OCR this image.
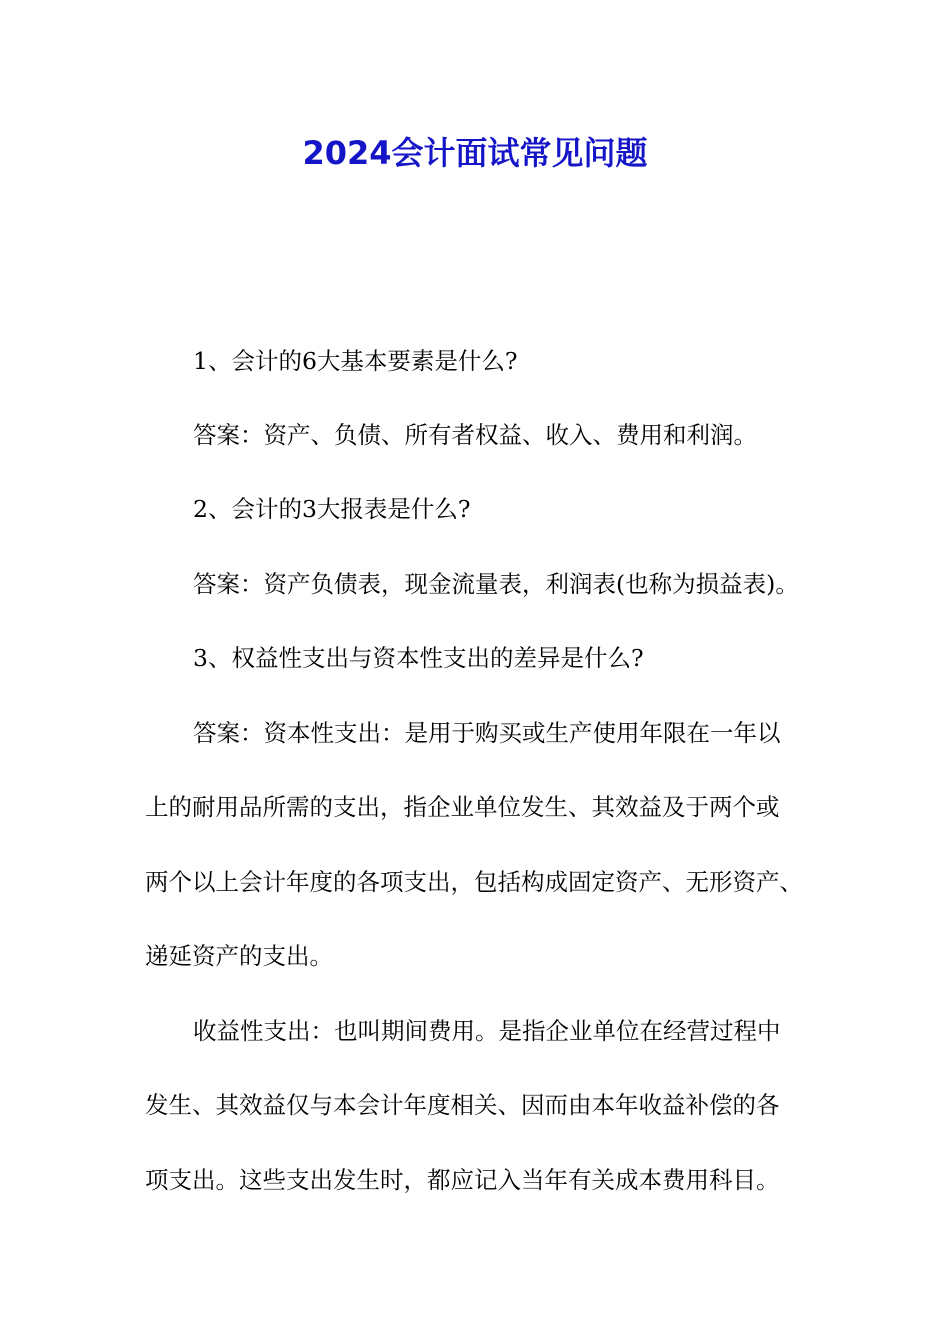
2024会计面试常见问题

1、会计的6大基本要素是什么?

答案：资产、负债、所有者权益、收入、费用和利润。

2、会计的3大报表是什么?

答案：资产负债表，现金流量表，利润表(也称为损益表)。

3、权益性支出与资本性支出的差异是什么?

答案：资本性支出：是用于购买或生产使用年限在一年以

上的耐用品所需的支出，指企业单位发生、其效益及于两个或

两个以上会计年度的各项支出，包括构成固定资产、无形资产、

递延资产的支出。

收益性支出：也叫期间费用。是指企业单位在经营过程中

发生、其效益仅与本会计年度相关、因而由本年收益补偿的各

项支出。这些支出发生时，都应记入当年有关成本费用科目。
